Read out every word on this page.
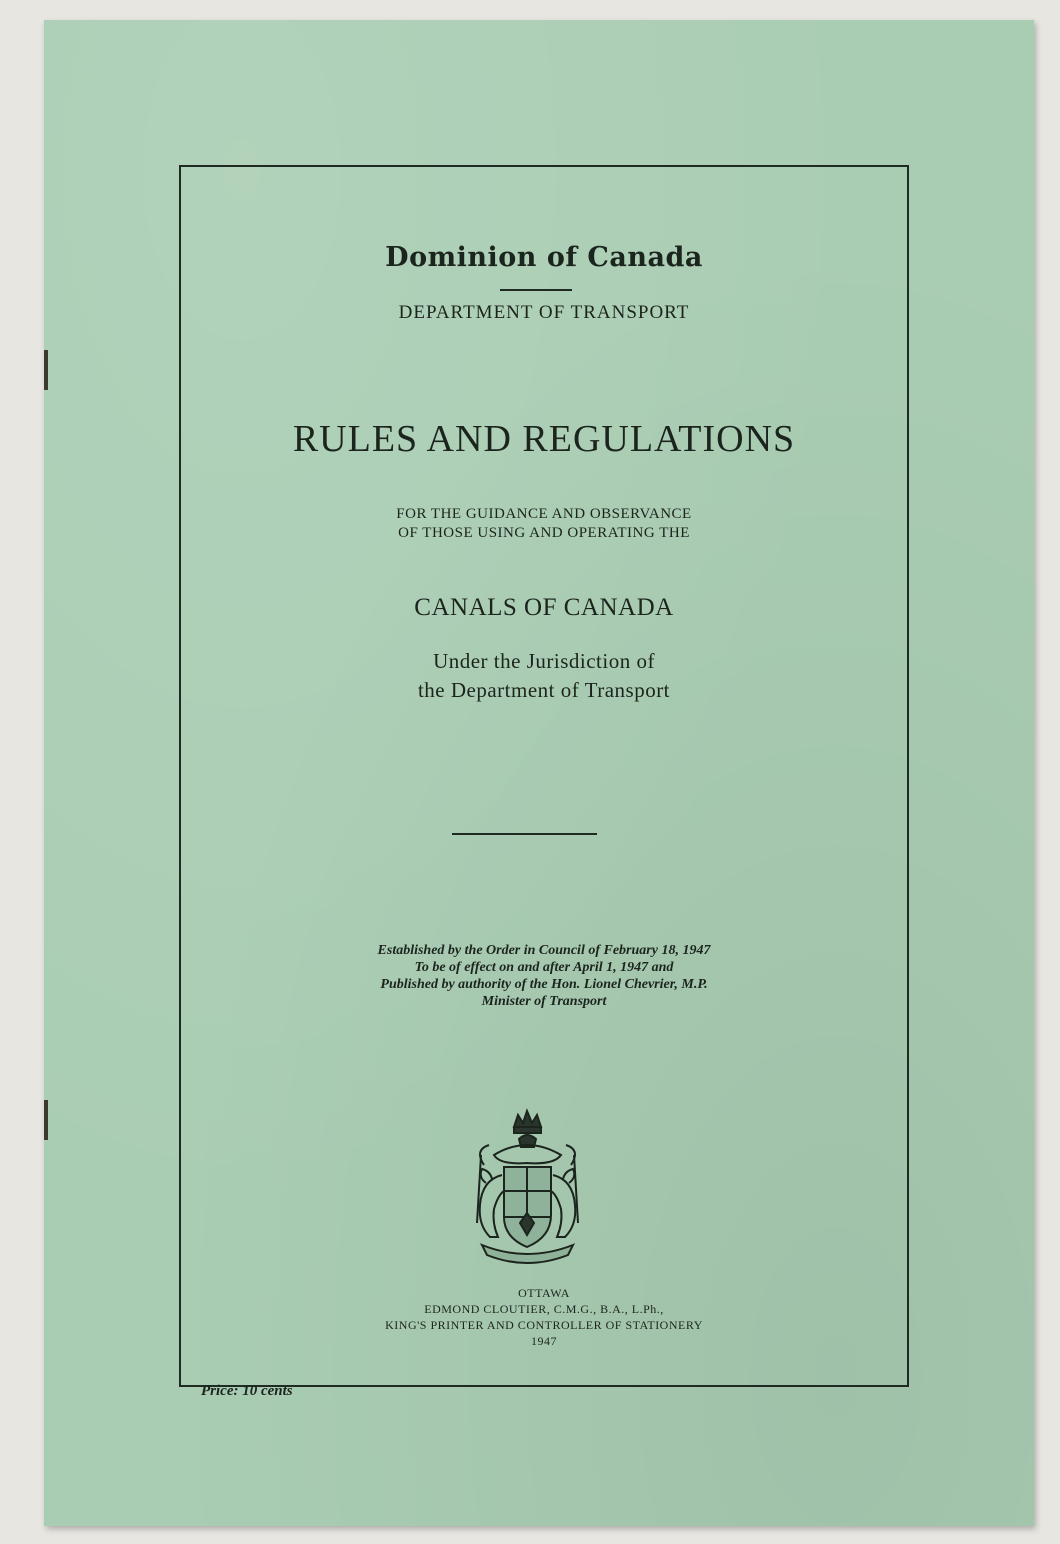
Dominion of Canada
DEPARTMENT OF TRANSPORT
RULES AND REGULATIONS
FOR THE GUIDANCE AND OBSERVANCE
OF THOSE USING AND OPERATING THE
CANALS OF CANADA
Under the Jurisdiction of
the Department of Transport
Established by the Order in Council of February 18, 1947
To be of effect on and after April 1, 1947 and
Published by authority of the Hon. Lionel Chevrier, M.P.
Minister of Transport
OTTAWA
EDMOND CLOUTIER, C.M.G., B.A., L.Ph.,
KING'S PRINTER AND CONTROLLER OF STATIONERY
1947
Price: 10 cents
